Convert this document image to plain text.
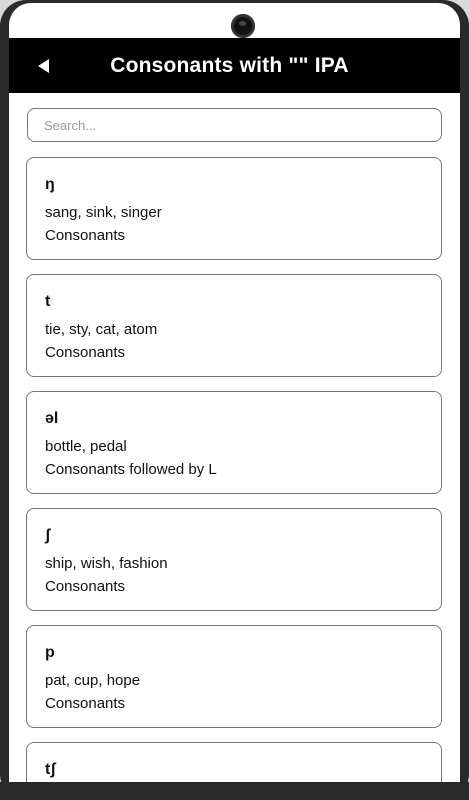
Consonants with "" IPA
Search...
ŋ
sang, sink, singer
Consonants
t
tie, sty, cat, atom
Consonants
əl
bottle, pedal
Consonants followed by L
ʃ
ship, wish, fashion
Consonants
p
pat, cup, hope
Consonants
tʃ
